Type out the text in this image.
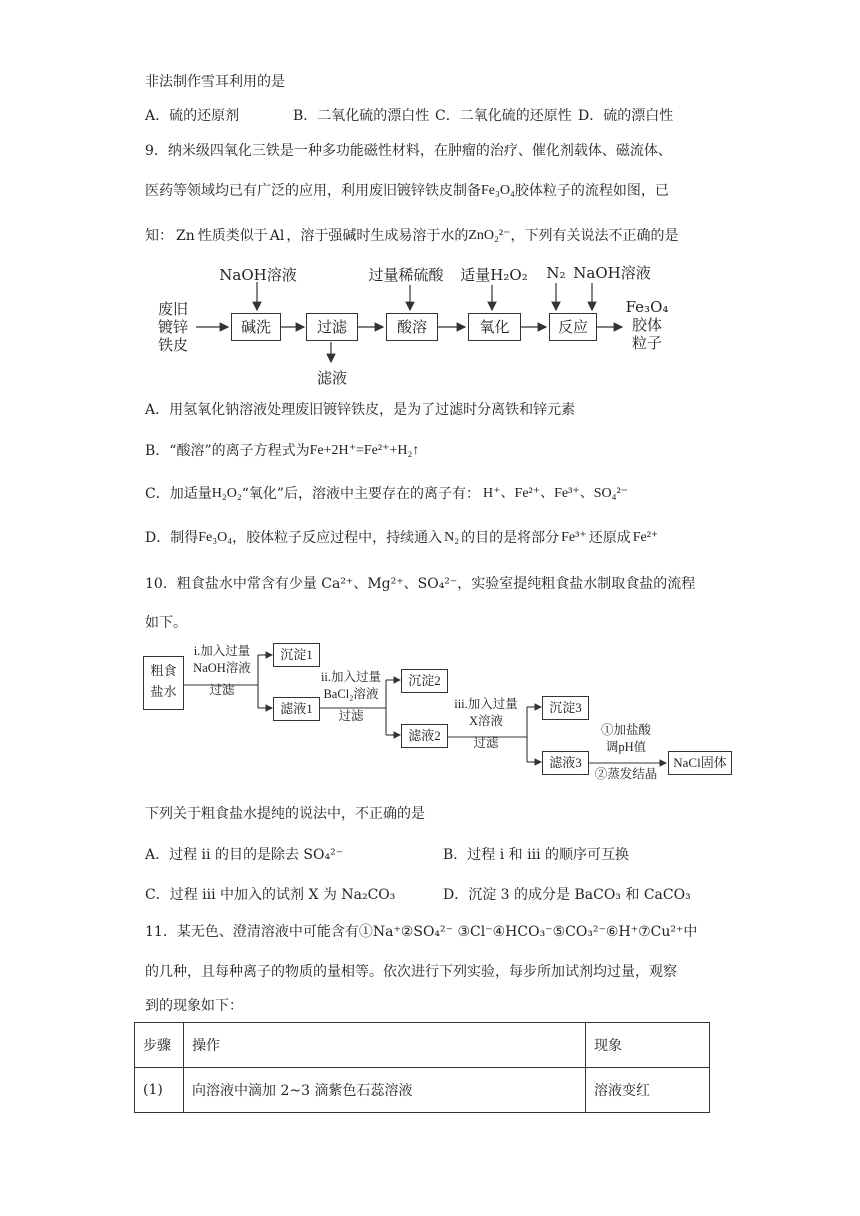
非法制作雪耳利用的是
A．硫的还原剂	B．二氧化硫的漂白性 C．二氧化硫的还原性 D．硫的漂白性
9．纳米级四氧化三铁是一种多功能磁性材料，在肿瘤的治疗、催化剂载体、磁流体、
医药等领域均已有广泛的应用，利用废旧镀锌铁皮制备 Fe₃O₄ 胶体粒子的流程如图，已
知： Zn 性质类似于 Al ，溶于强碱时生成易溶于水的 ZnO₂²⁻ ，下列有关说法不正确的是
废旧
镀锌
铁皮
NaOH溶液
碱洗	过滤
滤液
过量稀硫酸
酸溶
适量H₂O₂
氧化
N₂ NaOH溶液
反应
Fe₃O₄
胶体
粒子
A．用氢氧化钠溶液处理废旧镀锌铁皮，是为了过滤时分离铁和锌元素
B．“酸溶”的离子方程式为 Fe+2H⁺=Fe²⁺+H₂↑
C．加适量 H₂O₂ “氧化”后，溶液中主要存在的离子有： H⁺、Fe²⁺、Fe³⁺、SO₄²⁻
D．制得 Fe₃O₄ ，胶体粒子反应过程中，持续通入 N₂ 的目的是将部分 Fe³⁺ 还原成 Fe²⁺
10．粗食盐水中常含有少量 Ca²⁺、Mg²⁺、SO₄²⁻，实验室提纯粗食盐水制取食盐的流程
如下。
粗食
盐水
i.加入过量
NaOH溶液
过滤
沉淀1
滤液1
ii.加入过量
BaCl₂溶液
过滤
沉淀2
滤液2
iii.加入过量
X溶液
过滤
沉淀3
滤液3
①加盐酸
调pH值
②蒸发结晶
NaCl固体
下列关于粗食盐水提纯的说法中，不正确的是
A．过程 ii 的目的是除去 SO₄²⁻	B．过程 i 和 iii 的顺序可互换
C．过程 iii 中加入的试剂 X 为 Na₂CO₃	D．沉淀 3 的成分是 BaCO₃ 和 CaCO₃
11．某无色、澄清溶液中可能含有①Na⁺②SO₄²⁻ ③Cl⁻④HCO₃⁻⑤CO₃²⁻⑥H⁺⑦Cu²⁺中
的几种，且每种离子的物质的量相等。依次进行下列实验，每步所加试剂均过量，观察
到的现象如下：
步骤	操作	现象
(1)	向溶液中滴加 2~3 滴紫色石蕊溶液	溶液变红
